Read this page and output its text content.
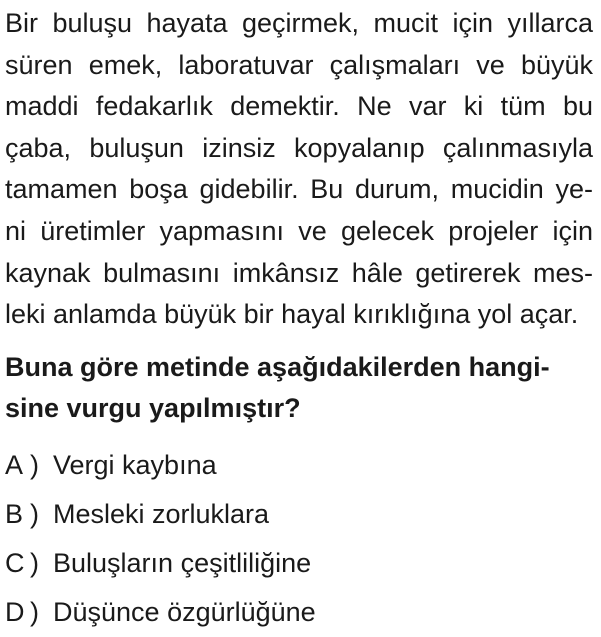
Bir buluşu hayata geçirmek, mucit için yıllarca
süren emek, laboratuvar çalışmaları ve büyük
maddi fedakarlık demektir. Ne var ki tüm bu
çaba, buluşun izinsiz kopyalanıp çalınmasıyla
tamamen boşa gidebilir. Bu durum, mucidin ye-
ni üretimler yapmasını ve gelecek projeler için
kaynak bulmasını imkânsız hâle getirerek mes-
leki anlamda büyük bir hayal kırıklığına yol açar.
Buna göre metinde aşağıdakilerden hangi-
sine vurgu yapılmıştır?
A ) Vergi kaybına
B ) Mesleki zorluklara
C ) Buluşların çeşitliliğine
D ) Düşünce özgürlüğüne
